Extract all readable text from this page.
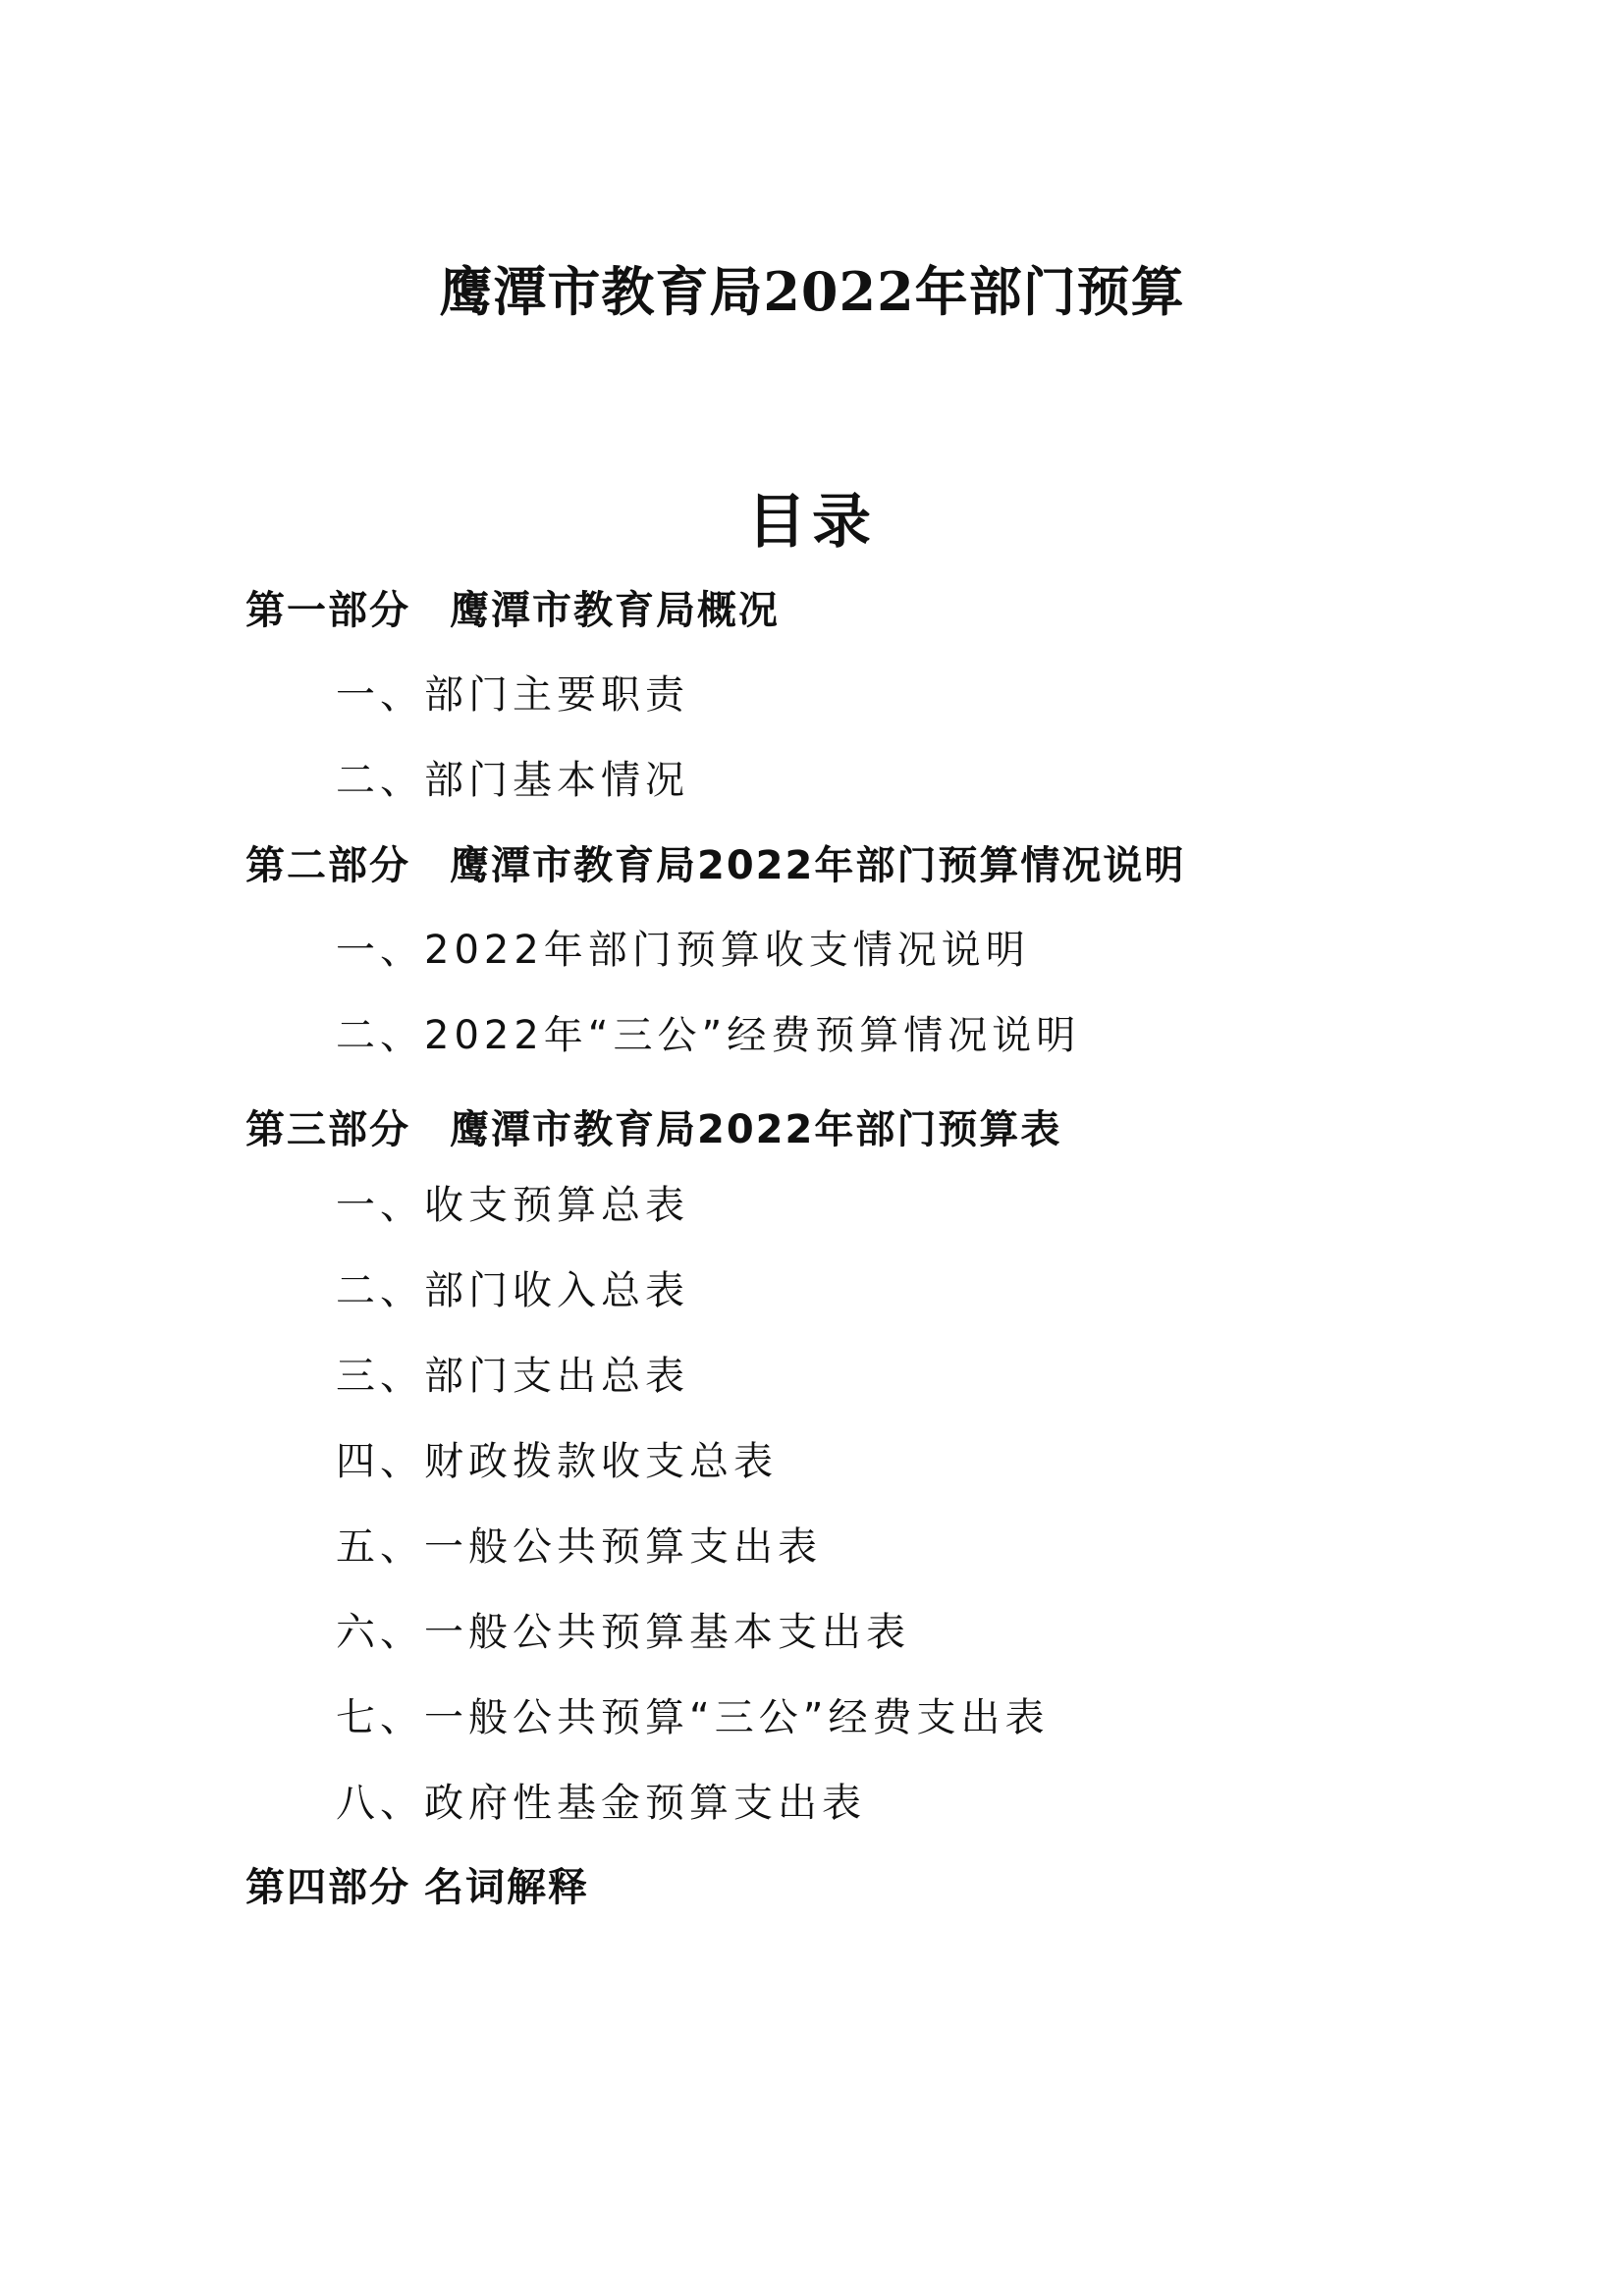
鹰潭市教育局2022年部门预算
目录
第一部分 鹰潭市教育局概况
一、部门主要职责
二、部门基本情况
第二部分 鹰潭市教育局2022年部门预算情况说明
一、2022年部门预算收支情况说明
二、2022年“三公”经费预算情况说明
第三部分 鹰潭市教育局2022年部门预算表
一、收支预算总表
二、部门收入总表
三、部门支出总表
四、财政拨款收支总表
五、一般公共预算支出表
六、一般公共预算基本支出表
七、一般公共预算“三公”经费支出表
八、政府性基金预算支出表
第四部分 名词解释
